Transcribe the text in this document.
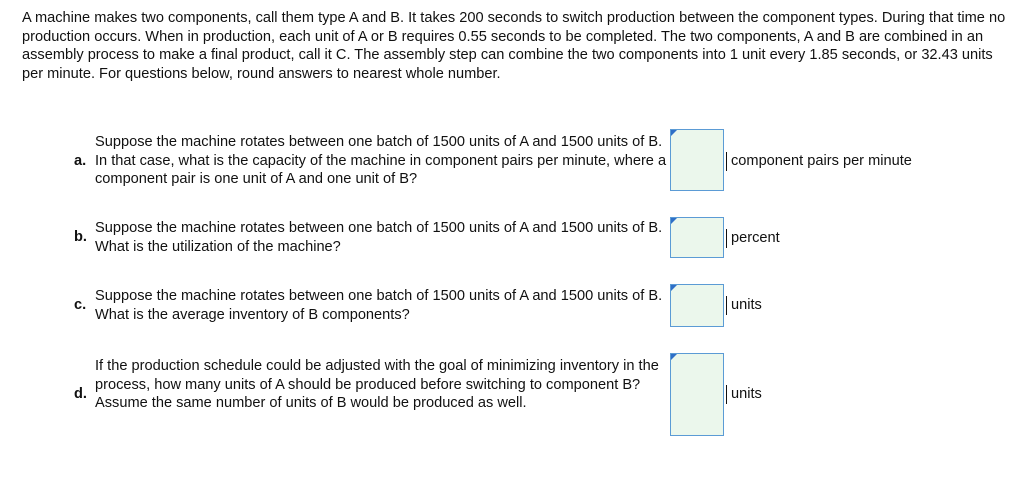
A machine makes two components, call them type A and B. It takes 200 seconds to switch production between the component types. During that time no production occurs. When in production, each unit of A or B requires 0.55 seconds to be completed. The two components, A and B are combined in an assembly process to make a final product, call it C. The assembly step can combine the two components into 1 unit every 1.85 seconds, or 32.43 units per minute. For questions below, round answers to nearest whole number.

a.

Suppose the machine rotates between one batch of 1500 units of A and 1500 units of B. In that case, what is the capacity of the machine in component pairs per minute, where a component pair is one unit of A and one unit of B?

component pairs per minute
b.

Suppose the machine rotates between one batch of 1500 units of A and 1500 units of B. What is the utilization of the machine?

percent
c.

Suppose the machine rotates between one batch of 1500 units of A and 1500 units of B. What is the average inventory of B components?

units
d.

If the production schedule could be adjusted with the goal of minimizing inventory in the process, how many units of A should be produced before switching to component B? Assume the same number of units of B would be produced as well.

units
